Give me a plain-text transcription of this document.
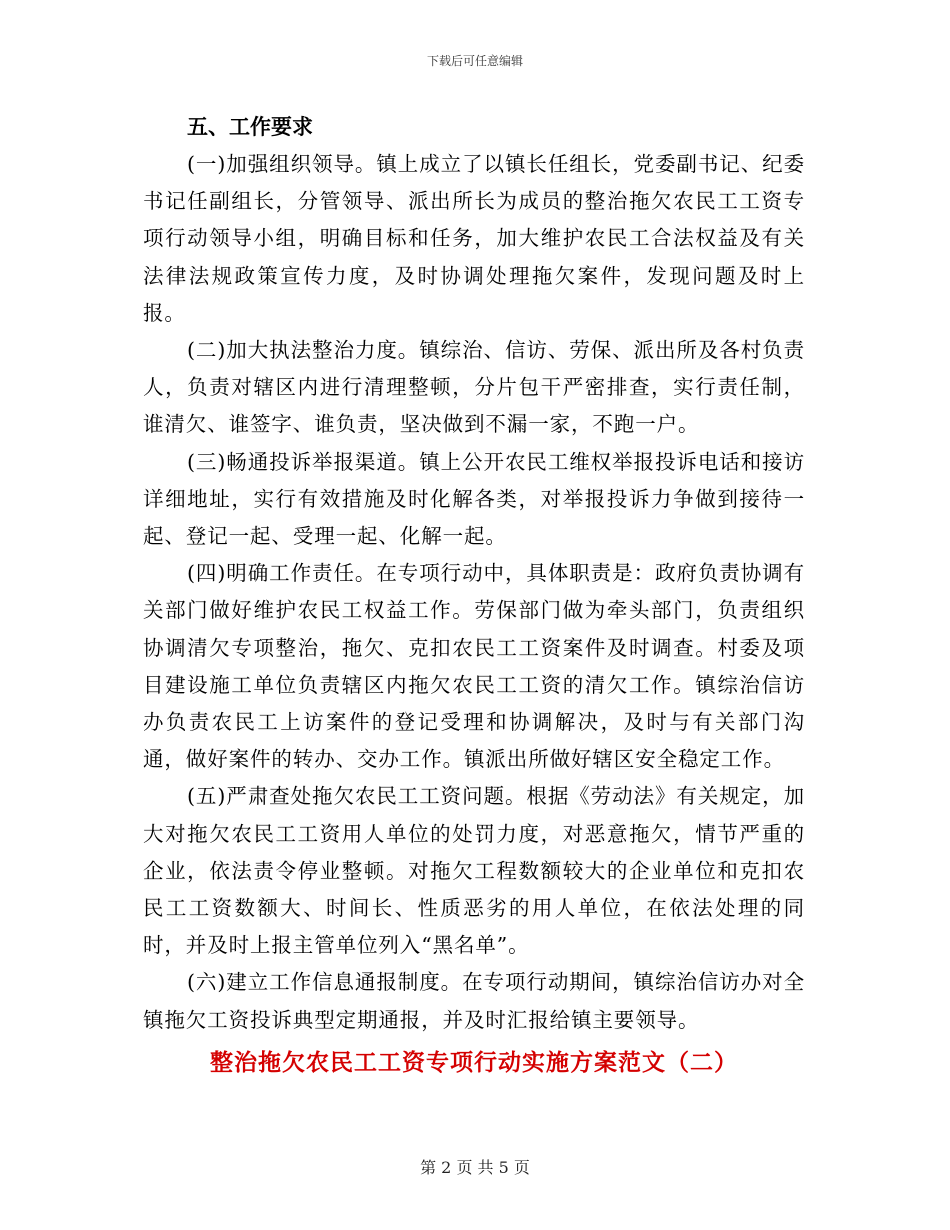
下载后可任意编辑
五、工作要求

(一)加强组织领导。镇上成立了以镇长任组长，党委副书记、纪委书记任副组长，分管领导、派出所长为成员的整治拖欠农民工工资专项行动领导小组，明确目标和任务，加大维护农民工合法权益及有关法律法规政策宣传力度，及时协调处理拖欠案件，发现问题及时上报。

(二)加大执法整治力度。镇综治、信访、劳保、派出所及各村负责人，负责对辖区内进行清理整顿，分片包干严密排查，实行责任制，谁清欠、谁签字、谁负责，坚决做到不漏一家，不跑一户。

(三)畅通投诉举报渠道。镇上公开农民工维权举报投诉电话和接访详细地址，实行有效措施及时化解各类，对举报投诉力争做到接待一起、登记一起、受理一起、化解一起。

(四)明确工作责任。在专项行动中，具体职责是：政府负责协调有关部门做好维护农民工权益工作。劳保部门做为牵头部门，负责组织协调清欠专项整治，拖欠、克扣农民工工资案件及时调查。村委及项目建设施工单位负责辖区内拖欠农民工工资的清欠工作。镇综治信访办负责农民工上访案件的登记受理和协调解决，及时与有关部门沟通，做好案件的转办、交办工作。镇派出所做好辖区安全稳定工作。

(五)严肃查处拖欠农民工工资问题。根据《劳动法》有关规定，加大对拖欠农民工工资用人单位的处罚力度，对恶意拖欠，情节严重的企业，依法责令停业整顿。对拖欠工程数额较大的企业单位和克扣农民工工资数额大、时间长、性质恶劣的用人单位，在依法处理的同时，并及时上报主管单位列入“黑名单”。

(六)建立工作信息通报制度。在专项行动期间，镇综治信访办对全镇拖欠工资投诉典型定期通报，并及时汇报给镇主要领导。

整治拖欠农民工工资专项行动实施方案范文（二）
第 2 页 共 5 页
